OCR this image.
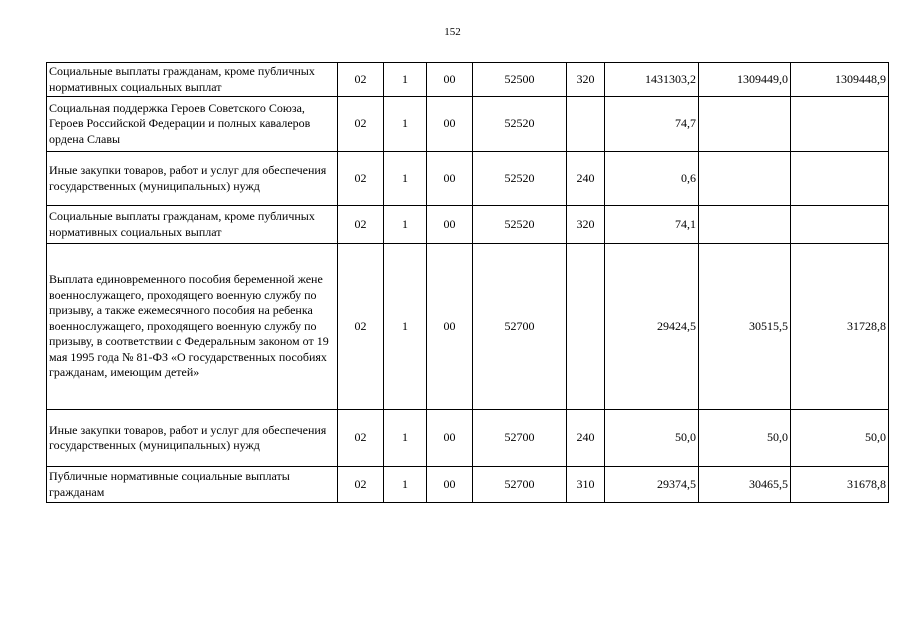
152
Социальные выплаты гражданам, кроме публичных нормативных социальных выплат	02	1	00	52500	320	1431303,2	1309449,0	1309448,9
Социальная поддержка Героев Советского Союза, Героев Российской Федерации и полных кавалеров ордена Славы	02	1	00	52520		74,7		
Иные закупки товаров, работ и услуг для обеспечения государственных (муниципальных) нужд	02	1	00	52520	240	0,6		
Социальные выплаты гражданам, кроме публичных нормативных социальных выплат	02	1	00	52520	320	74,1		
Выплата единовременного пособия беременной жене военнослужащего, проходящего военную службу по призыву, а также ежемесячного пособия на ребенка военнослужащего, проходящего военную службу по призыву, в соответствии с Федеральным законом от 19 мая 1995 года № 81-ФЗ «О государственных пособиях гражданам, имеющим детей»	02	1	00	52700		29424,5	30515,5	31728,8
Иные закупки товаров, работ и услуг для обеспечения государственных (муниципальных) нужд	02	1	00	52700	240	50,0	50,0	50,0
Публичные нормативные социальные выплаты гражданам	02	1	00	52700	310	29374,5	30465,5	31678,8
